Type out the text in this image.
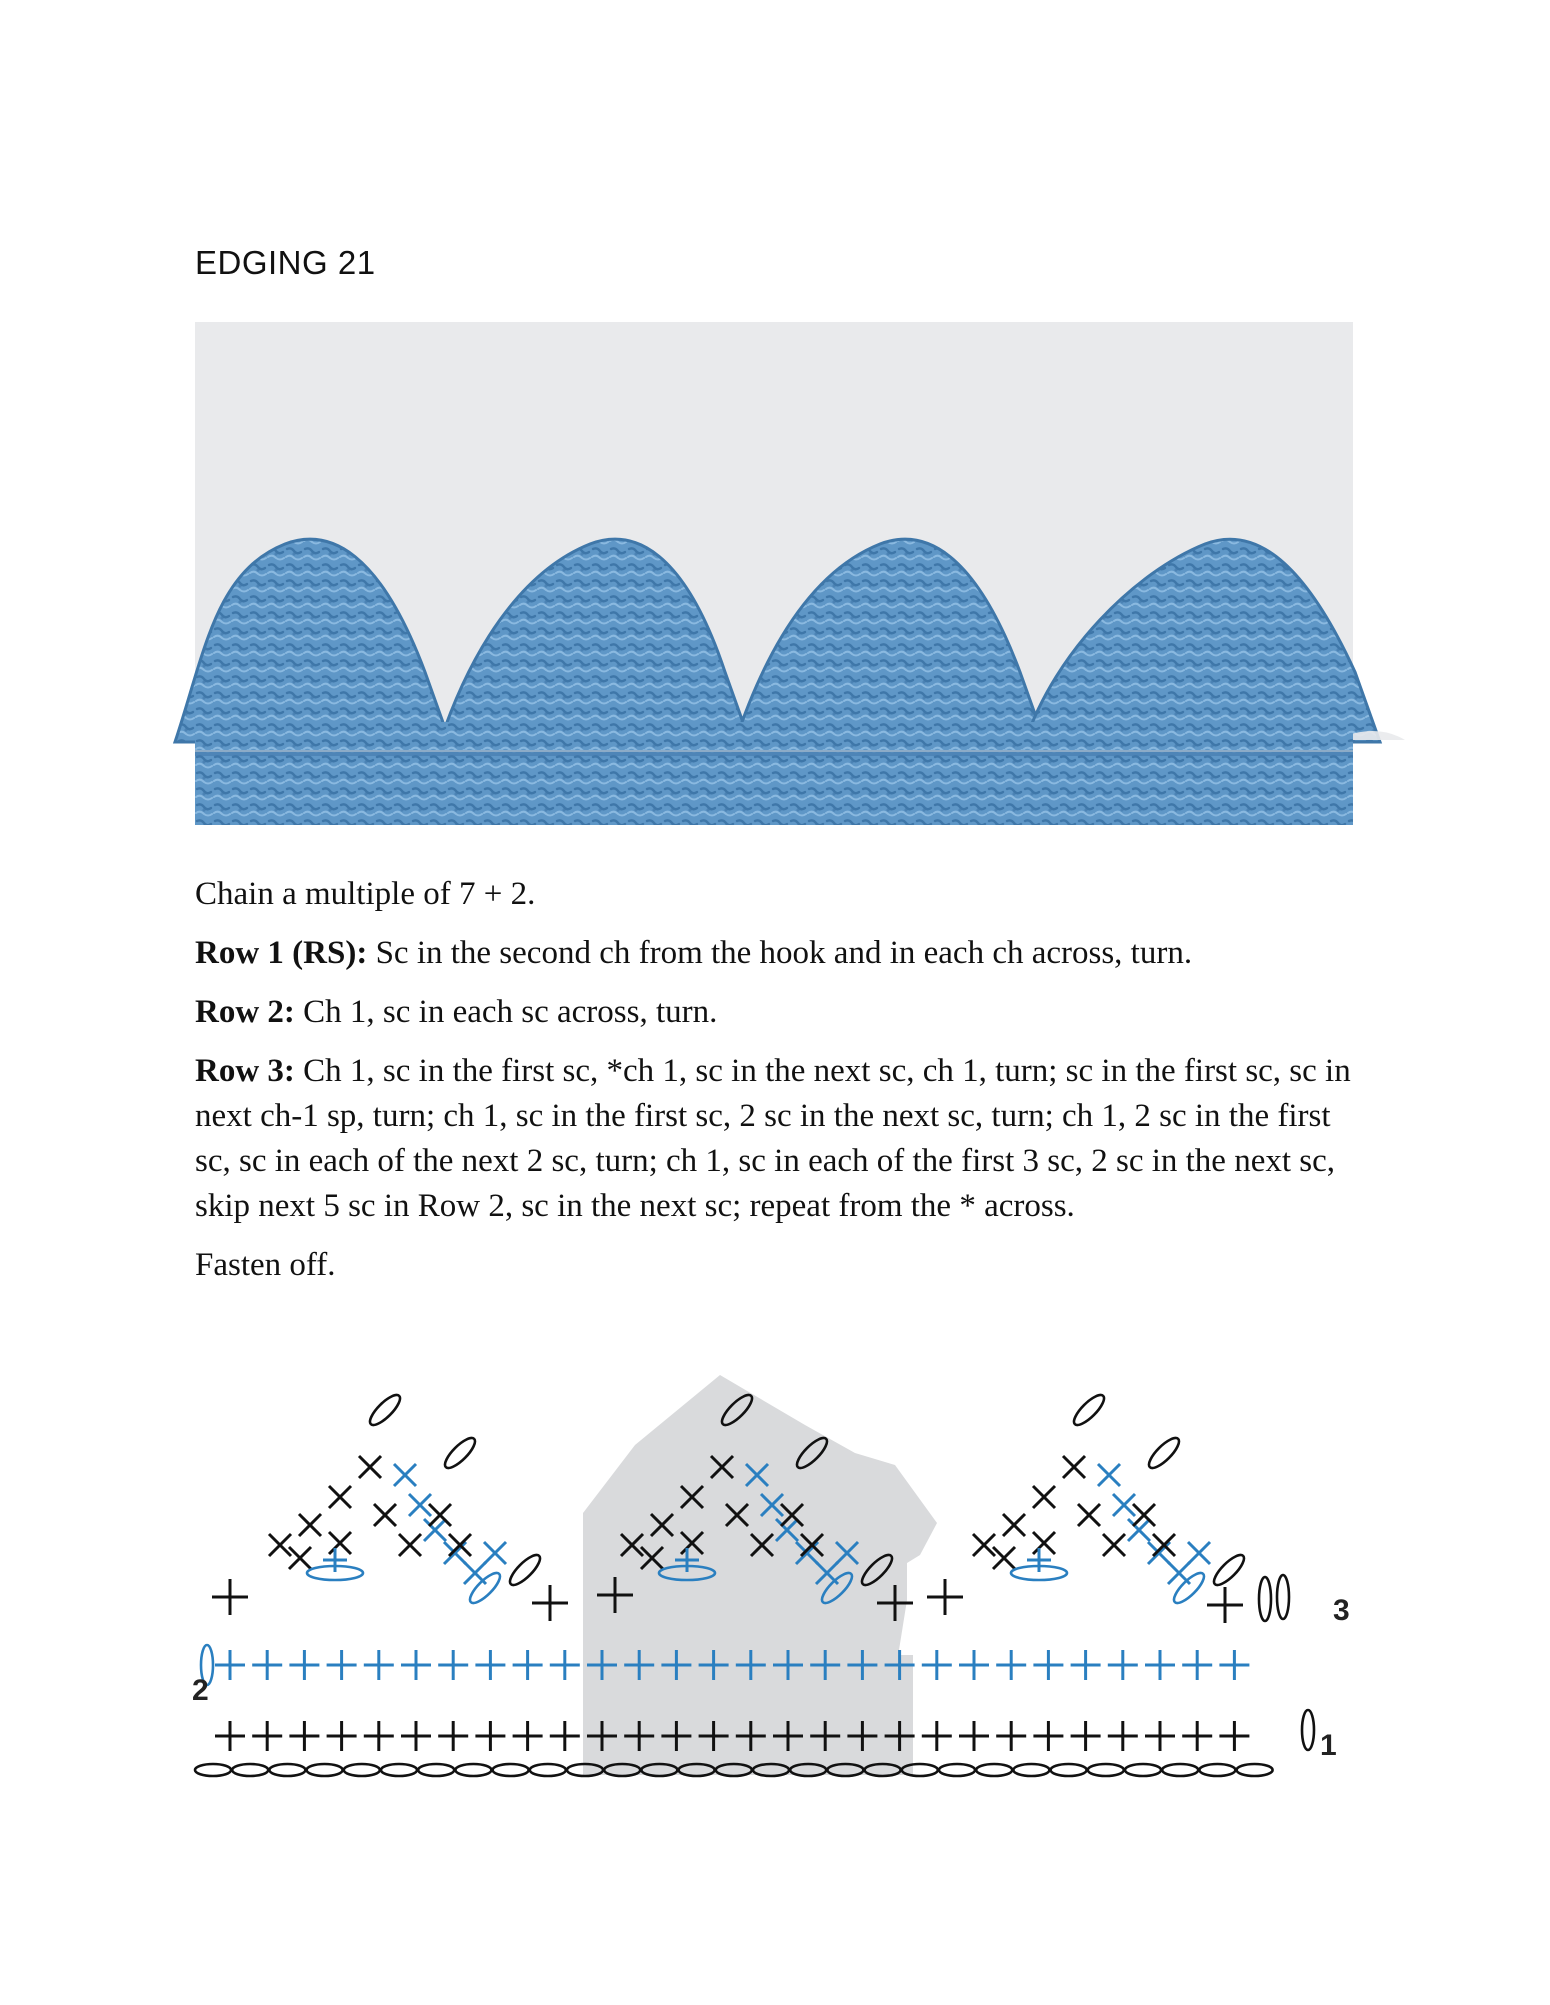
EDGING 21

Chain a multiple of 7 + 2.

Row 1 (RS): Sc in the second ch from the hook and in each ch across, turn.

Row 2: Ch 1, sc in each sc across, turn.

Row 3: Ch 1, sc in the first sc, *ch 1, sc in the next sc, ch 1, turn; sc in the first sc, sc in next ch-1 sp, turn; ch 1, sc in the first sc, 2 sc in the next sc, turn; ch 1, 2 sc in the first sc, sc in each of the next 2 sc, turn; ch 1, sc in each of the first 3 sc, 2 sc in the next sc, skip next 5 sc in Row 2, sc in the next sc; repeat from the * across.

Fasten off.

2
3
1
